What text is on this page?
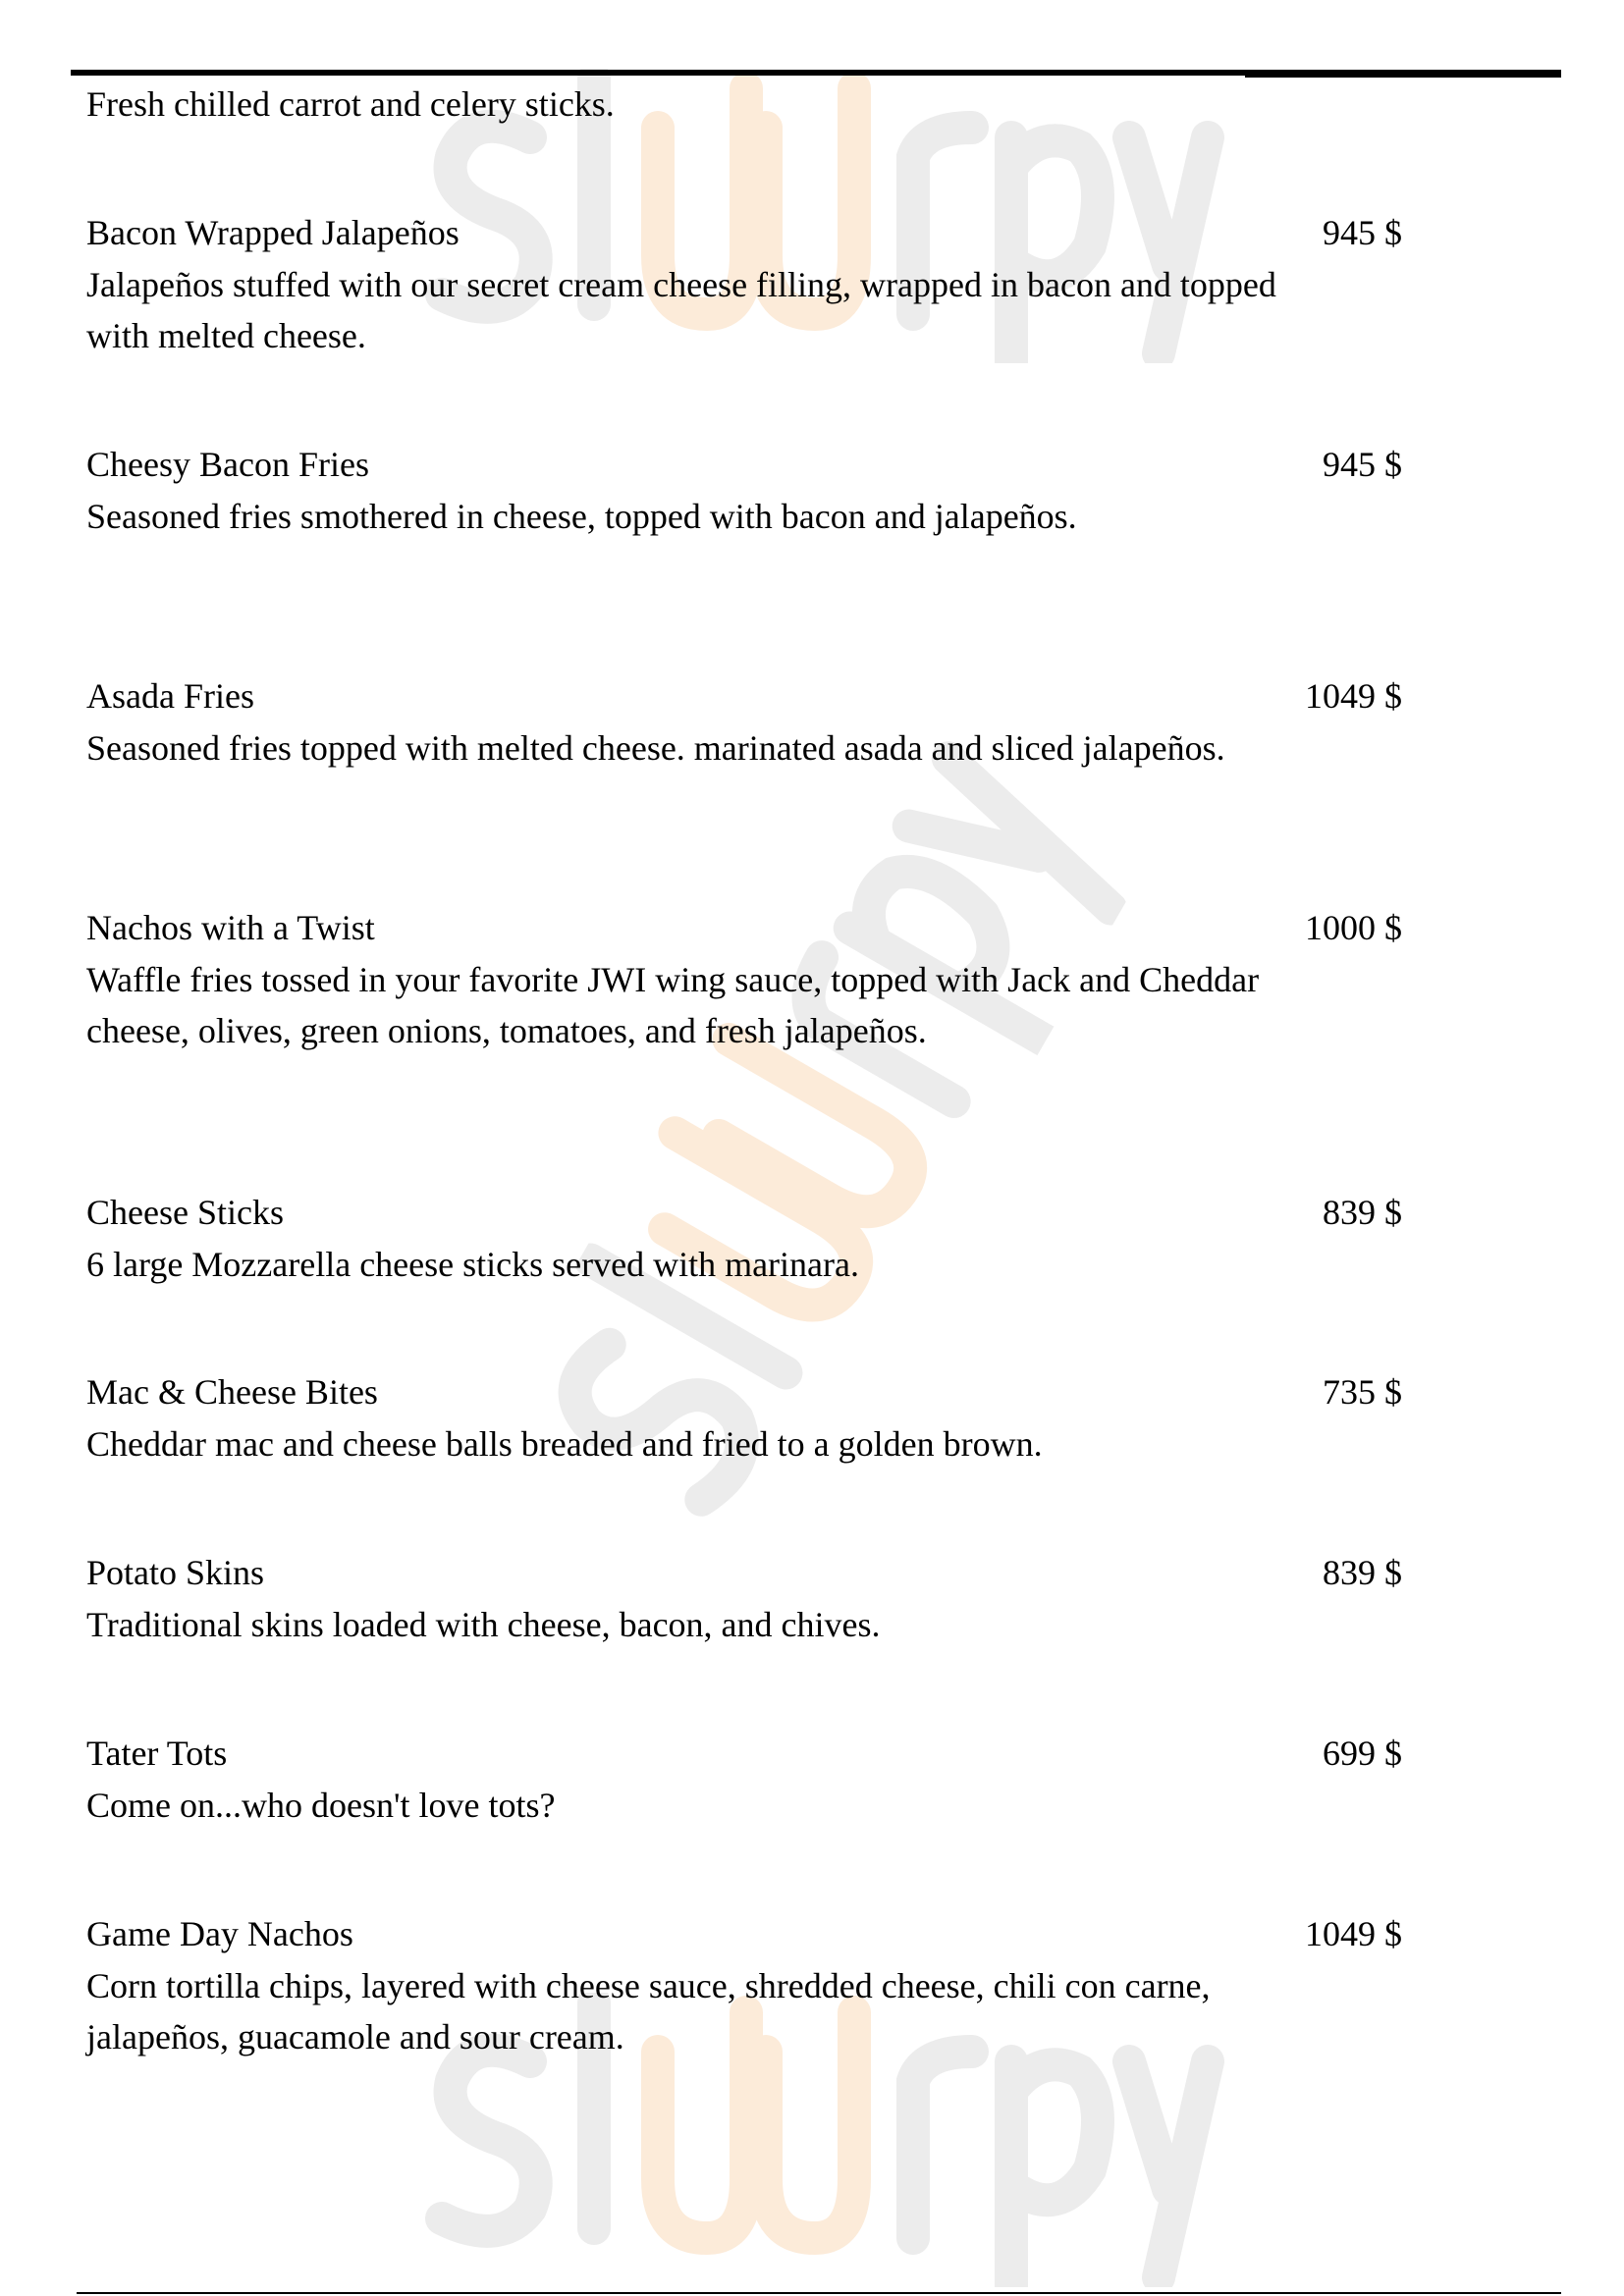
Fresh chilled carrot and celery sticks.
Bacon Wrapped Jalapeños	945 $
Jalapeños stuffed with our secret cream cheese filling, wrapped in bacon and topped with melted cheese.
Cheesy Bacon Fries	945 $
Seasoned fries smothered in cheese, topped with bacon and jalapeños.
Asada Fries	1049 $
Seasoned fries topped with melted cheese. marinated asada and sliced jalapeños.
Nachos with a Twist	1000 $
Waffle fries tossed in your favorite JWI wing sauce, topped with Jack and Cheddar cheese, olives, green onions, tomatoes, and fresh jalapeños.
Cheese Sticks	839 $
6 large Mozzarella cheese sticks served with marinara.
Mac & Cheese Bites	735 $
Cheddar mac and cheese balls breaded and fried to a golden brown.
Potato Skins	839 $
Traditional skins loaded with cheese, bacon, and chives.
Tater Tots	699 $
Come on...who doesn't love tots?
Game Day Nachos	1049 $
Corn tortilla chips, layered with cheese sauce, shredded cheese, chili con carne, jalapeños, guacamole and sour cream.
